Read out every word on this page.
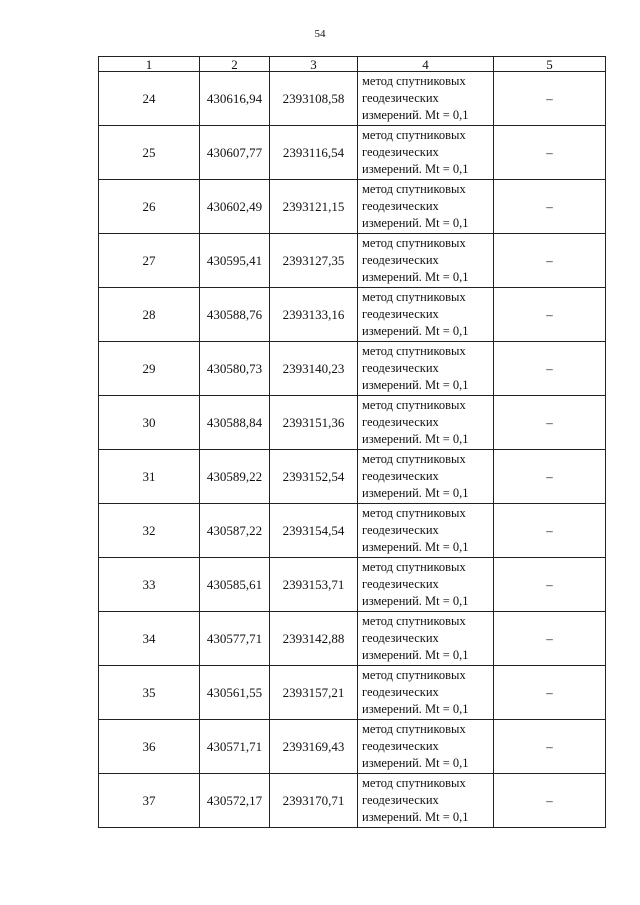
54
1	2	3	4	5
24	430616,94	2393108,58	метод спутниковых геодезических измерений. Mt = 0,1	–
25	430607,77	2393116,54	метод спутниковых геодезических измерений. Mt = 0,1	–
26	430602,49	2393121,15	метод спутниковых геодезических измерений. Mt = 0,1	–
27	430595,41	2393127,35	метод спутниковых геодезических измерений. Mt = 0,1	–
28	430588,76	2393133,16	метод спутниковых геодезических измерений. Mt = 0,1	–
29	430580,73	2393140,23	метод спутниковых геодезических измерений. Mt = 0,1	–
30	430588,84	2393151,36	метод спутниковых геодезических измерений. Mt = 0,1	–
31	430589,22	2393152,54	метод спутниковых геодезических измерений. Mt = 0,1	–
32	430587,22	2393154,54	метод спутниковых геодезических измерений. Mt = 0,1	–
33	430585,61	2393153,71	метод спутниковых геодезических измерений. Mt = 0,1	–
34	430577,71	2393142,88	метод спутниковых геодезических измерений. Mt = 0,1	–
35	430561,55	2393157,21	метод спутниковых геодезических измерений. Mt = 0,1	–
36	430571,71	2393169,43	метод спутниковых геодезических измерений. Mt = 0,1	–
37	430572,17	2393170,71	метод спутниковых геодезических измерений. Mt = 0,1	–
